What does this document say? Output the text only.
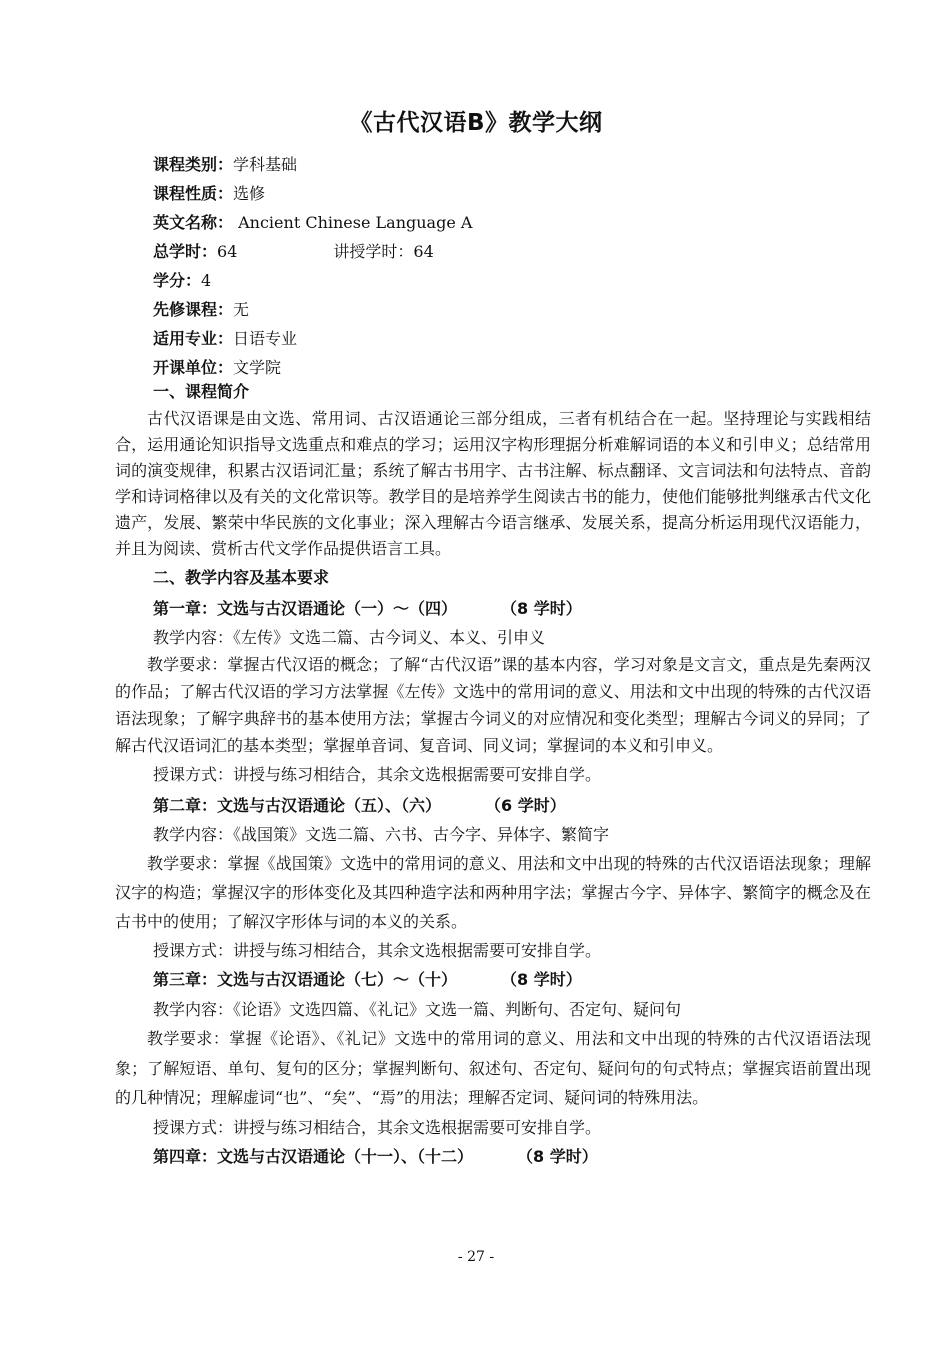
《古代汉语B》教学大纲
课程类别：学科基础
课程性质：选修
英文名称： Ancient Chinese Language A
总学时：64	讲授学时：64
学分：4
先修课程：无
适用专业：日语专业
开课单位：文学院
一、课程简介
古代汉语课是由文选、常用词、古汉语通论三部分组成，三者有机结合在一起。坚持理论与实践相结合，运用通论知识指导文选重点和难点的学习；运用汉字构形理据分析难解词语的本义和引申义；总结常用词的演变规律，积累古汉语词汇量；系统了解古书用字、古书注解、标点翻译、文言词法和句法特点、音韵学和诗词格律以及有关的文化常识等。教学目的是培养学生阅读古书的能力，使他们能够批判继承古代文化遗产，发展、繁荣中华民族的文化事业；深入理解古今语言继承、发展关系，提高分析运用现代汉语能力，并且为阅读、赏析古代文学作品提供语言工具。
二、教学内容及基本要求
第一章：文选与古汉语通论（一）～（四）	（8 学时）
教学内容：《左传》文选二篇、古今词义、本义、引申义
教学要求：掌握古代汉语的概念；了解“古代汉语”课的基本内容，学习对象是文言文，重点是先秦两汉的作品；了解古代汉语的学习方法掌握《左传》文选中的常用词的意义、用法和文中出现的特殊的古代汉语语法现象；了解字典辞书的基本使用方法；掌握古今词义的对应情况和变化类型；理解古今词义的异同；了解古代汉语词汇的基本类型；掌握单音词、复音词、同义词；掌握词的本义和引申义。
授课方式：讲授与练习相结合，其余文选根据需要可安排自学。
第二章：文选与古汉语通论（五）、（六）	（6 学时）
教学内容：《战国策》文选二篇、六书、古今字、异体字、繁简字
教学要求：掌握《战国策》文选中的常用词的意义、用法和文中出现的特殊的古代汉语语法现象；理解汉字的构造；掌握汉字的形体变化及其四种造字法和两种用字法；掌握古今字、异体字、繁简字的概念及在古书中的使用；了解汉字形体与词的本义的关系。
授课方式：讲授与练习相结合，其余文选根据需要可安排自学。
第三章：文选与古汉语通论（七）～（十）	（8 学时）
教学内容：《论语》文选四篇、《礼记》文选一篇、判断句、否定句、疑问句
教学要求：掌握《论语》、《礼记》文选中的常用词的意义、用法和文中出现的特殊的古代汉语语法现象；了解短语、单句、复句的区分；掌握判断句、叙述句、否定句、疑问句的句式特点；掌握宾语前置出现的几种情况；理解虚词“也”、“矣”、“焉”的用法；理解否定词、疑问词的特殊用法。
授课方式：讲授与练习相结合，其余文选根据需要可安排自学。
第四章：文选与古汉语通论（十一）、（十二）	（8 学时）
- 27 -
